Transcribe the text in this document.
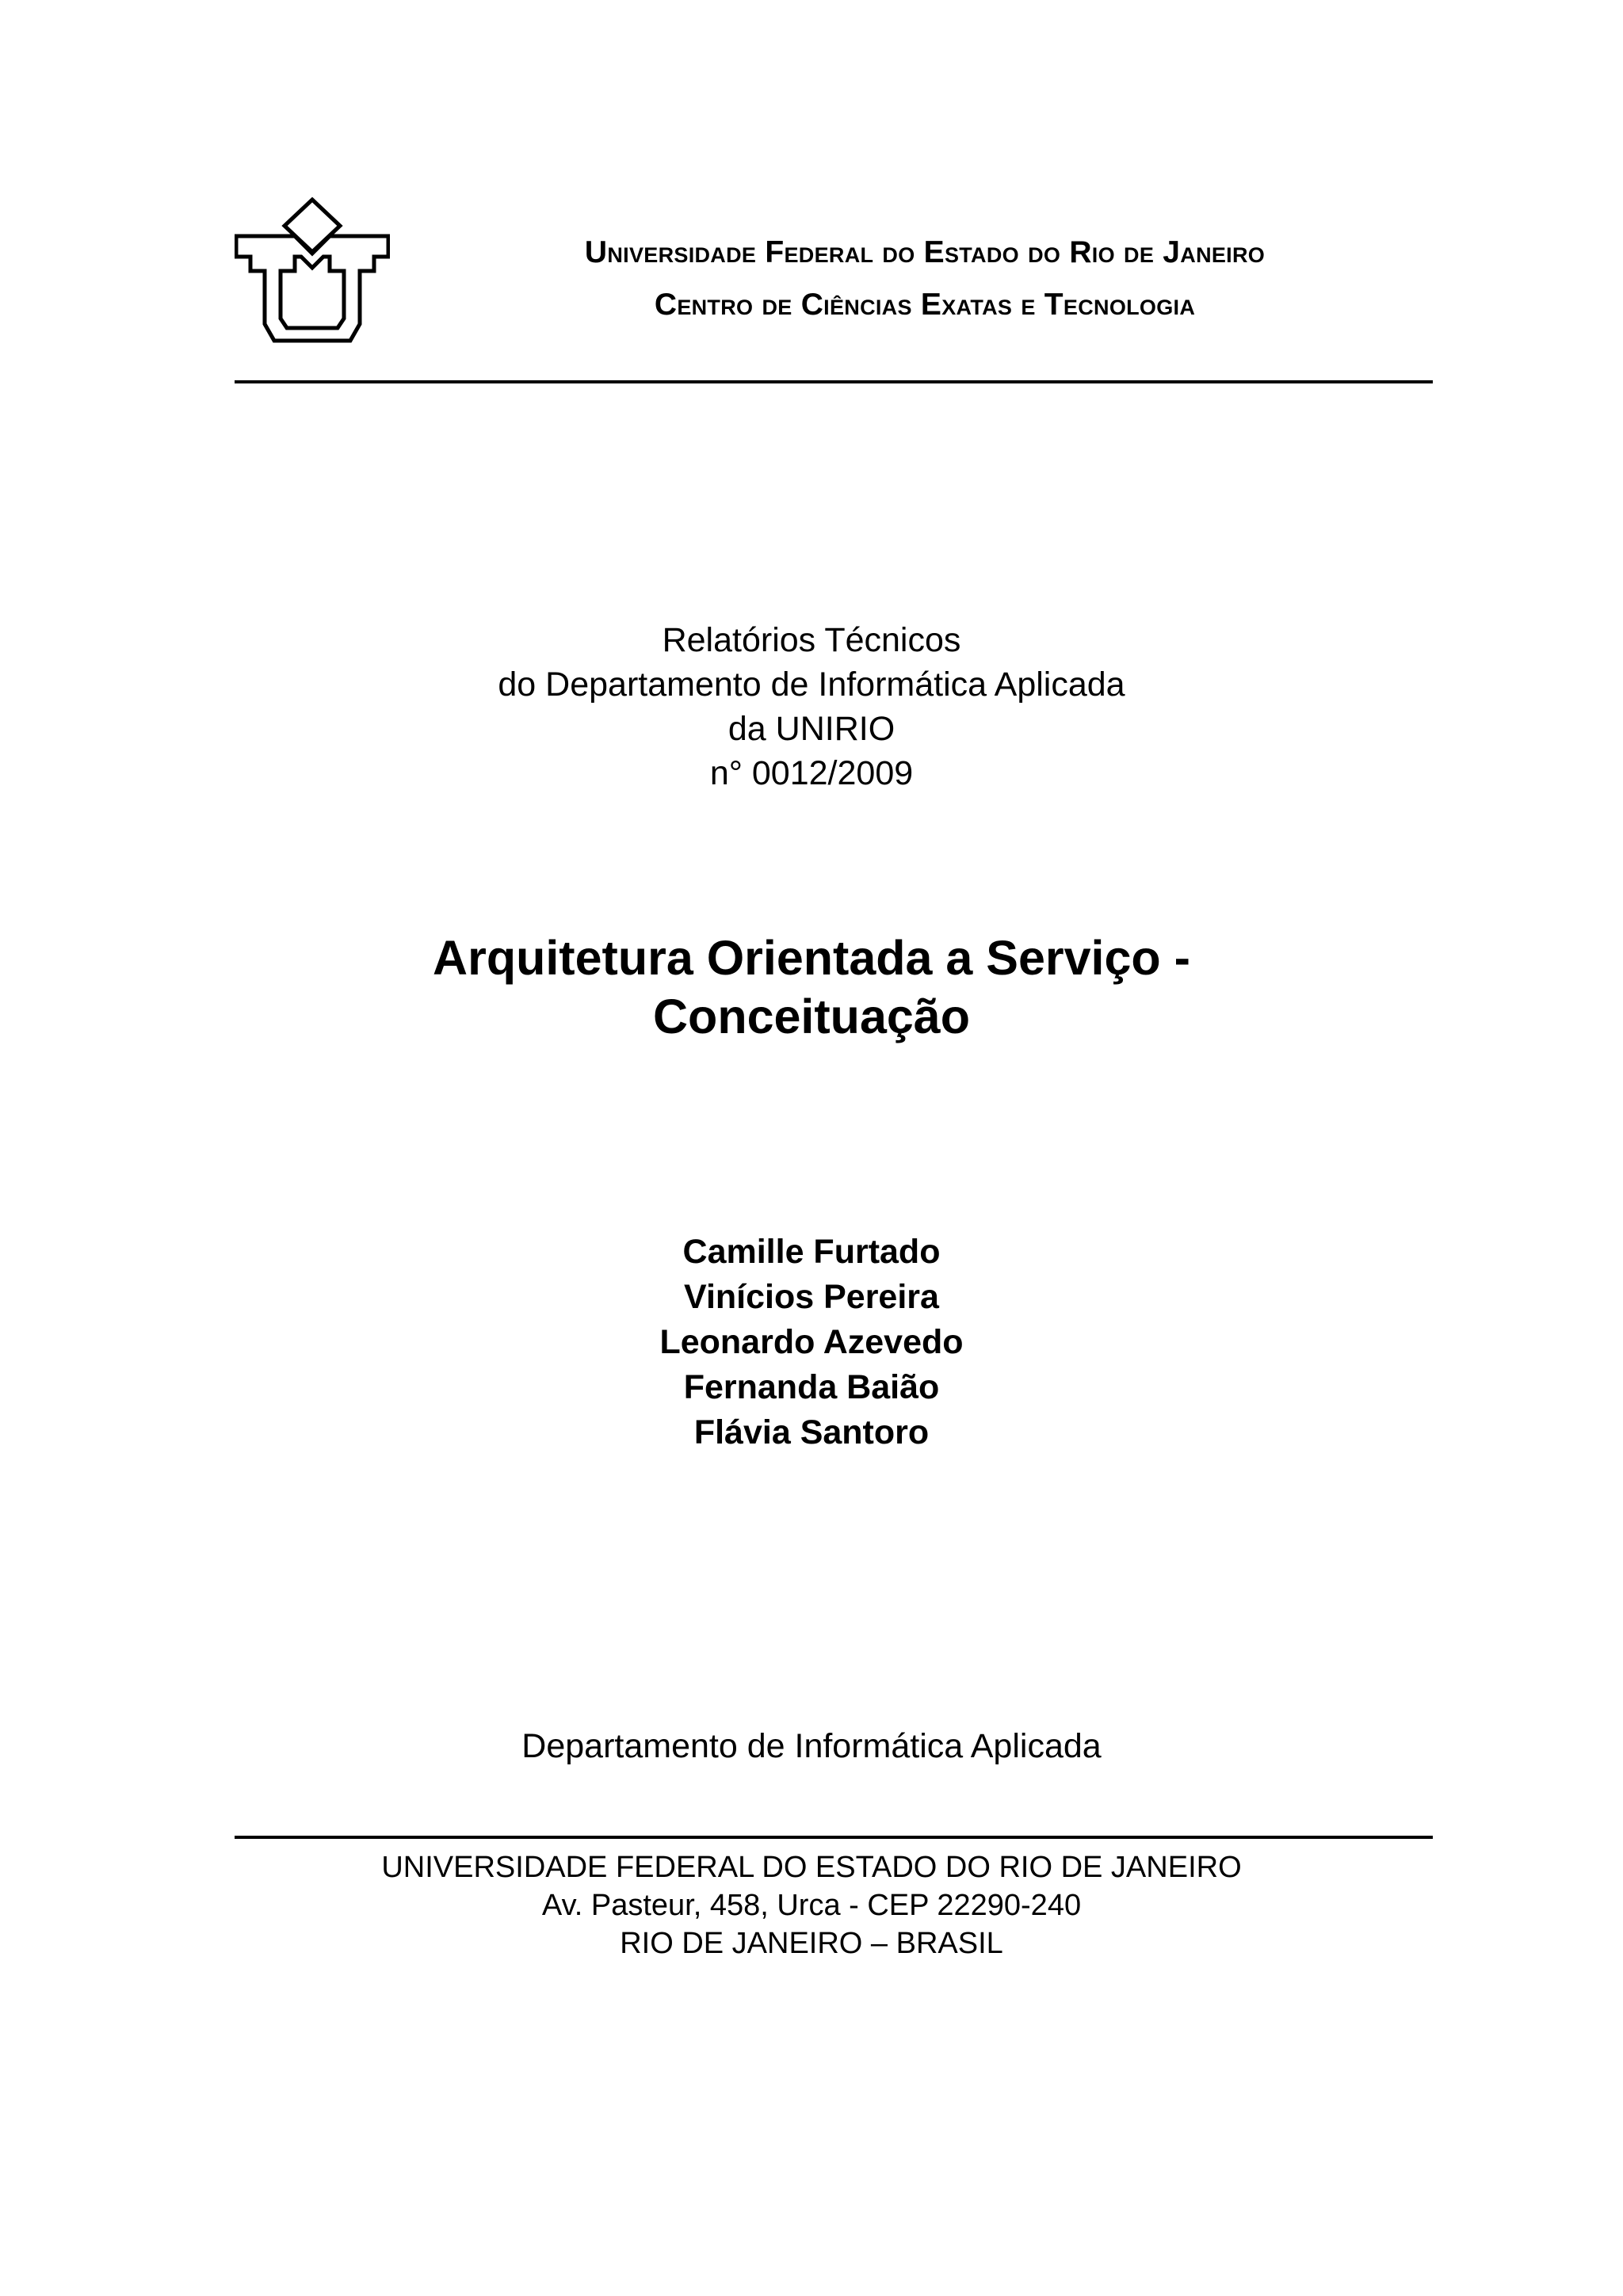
Universidade Federal do Estado do Rio de Janeiro
Centro de Ciências Exatas e Tecnologia
Relatórios Técnicos
do Departamento de Informática Aplicada
da UNIRIO
n° 0012/2009
Arquitetura Orientada a Serviço -
Conceituação
Camille Furtado
Vinícios Pereira
Leonardo Azevedo
Fernanda Baião
Flávia Santoro
Departamento de Informática Aplicada
UNIVERSIDADE FEDERAL DO ESTADO DO RIO DE JANEIRO
Av. Pasteur, 458, Urca - CEP 22290-240
RIO DE JANEIRO – BRASIL
